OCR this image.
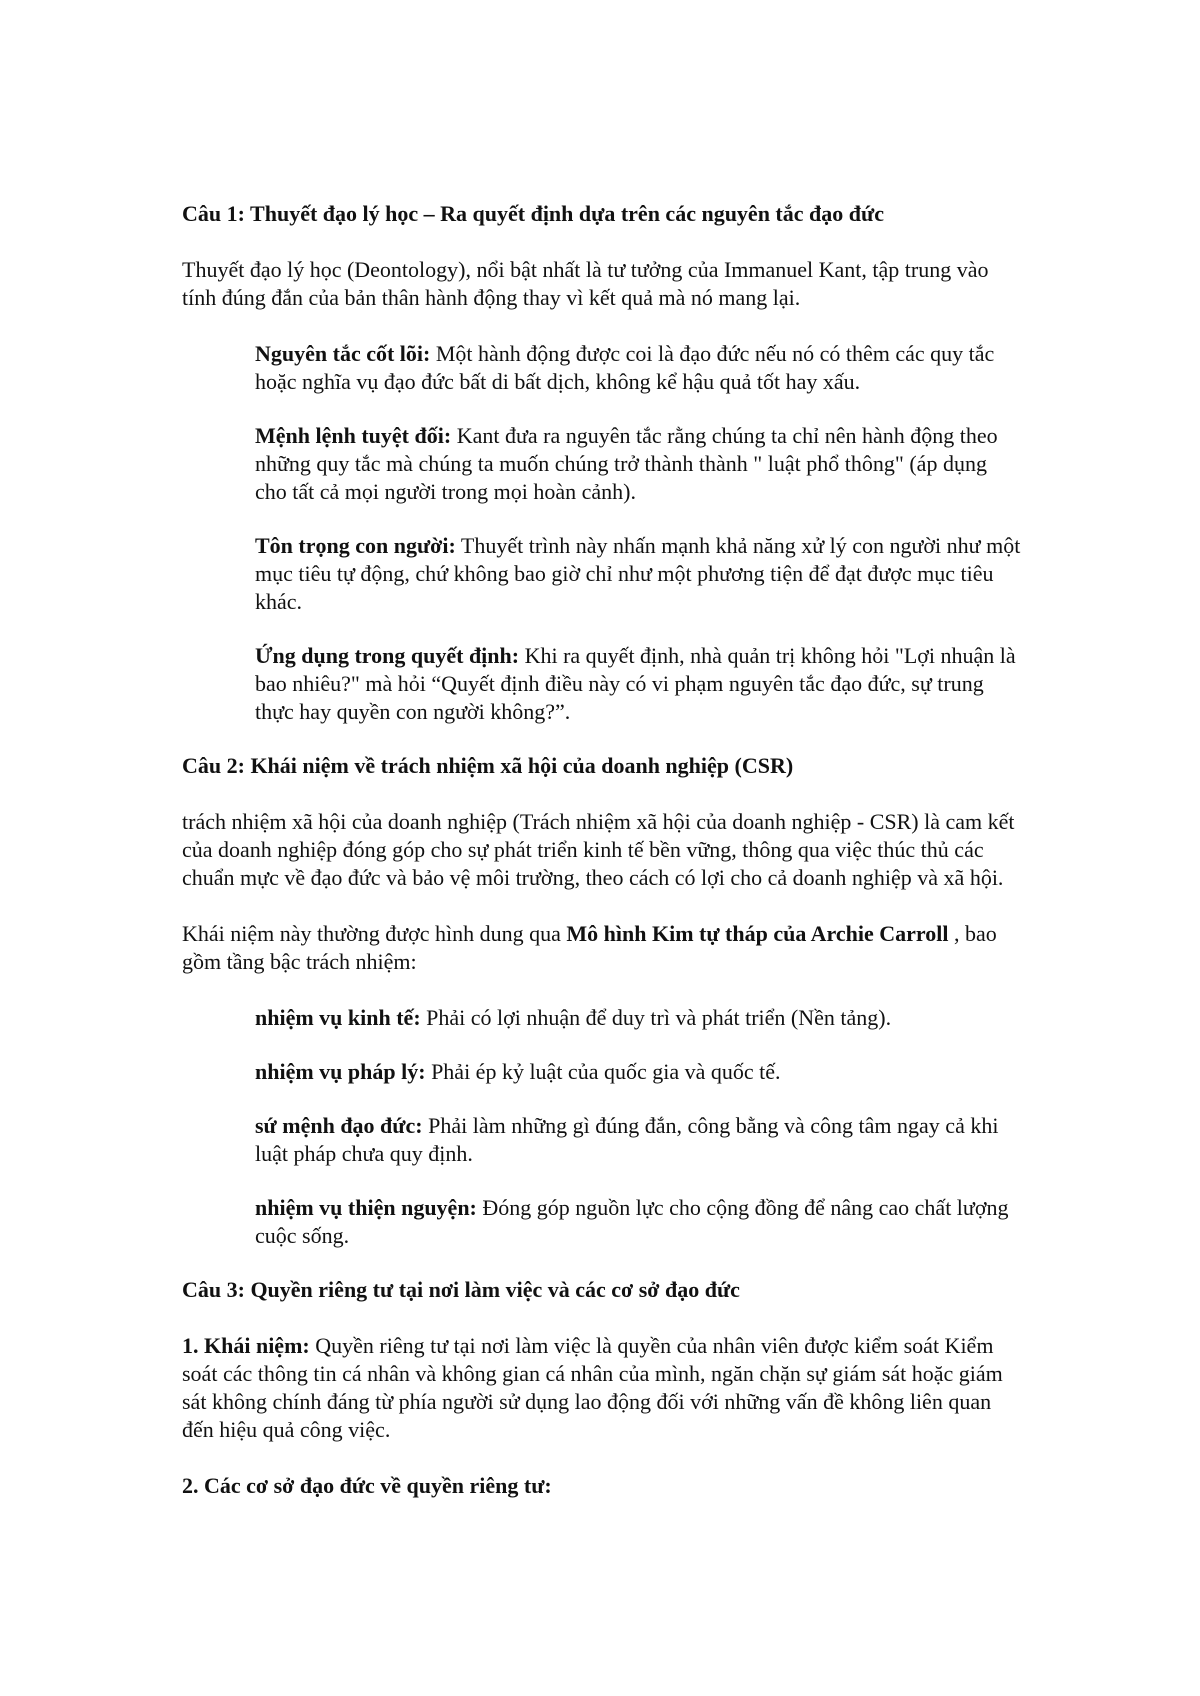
Câu 1: Thuyết đạo lý học – Ra quyết định dựa trên các nguyên tắc đạo đức

Thuyết đạo lý học (Deontology), nổi bật nhất là tư tưởng của Immanuel Kant, tập trung vào tính đúng đắn của bản thân hành động thay vì kết quả mà nó mang lại.

Nguyên tắc cốt lõi: Một hành động được coi là đạo đức nếu nó có thêm các quy tắc hoặc nghĩa vụ đạo đức bất di bất dịch, không kể hậu quả tốt hay xấu.

Mệnh lệnh tuyệt đối: Kant đưa ra nguyên tắc rằng chúng ta chỉ nên hành động theo những quy tắc mà chúng ta muốn chúng trở thành thành " luật phổ thông" (áp dụng cho tất cả mọi người trong mọi hoàn cảnh).

Tôn trọng con người: Thuyết trình này nhấn mạnh khả năng xử lý con người như một mục tiêu tự động, chứ không bao giờ chỉ như một phương tiện để đạt được mục tiêu khác.

Ứng dụng trong quyết định: Khi ra quyết định, nhà quản trị không hỏi "Lợi nhuận là bao nhiêu?" mà hỏi “Quyết định điều này có vi phạm nguyên tắc đạo đức, sự trung thực hay quyền con người không?”.

Câu 2: Khái niệm về trách nhiệm xã hội của doanh nghiệp (CSR)

trách nhiệm xã hội của doanh nghiệp (Trách nhiệm xã hội của doanh nghiệp - CSR) là cam kết của doanh nghiệp đóng góp cho sự phát triển kinh tế bền vững, thông qua việc thúc thủ các chuẩn mực về đạo đức và bảo vệ môi trường, theo cách có lợi cho cả doanh nghiệp và xã hội.

Khái niệm này thường được hình dung qua Mô hình Kim tự tháp của Archie Carroll , bao gồm tầng bậc trách nhiệm:

nhiệm vụ kinh tế: Phải có lợi nhuận để duy trì và phát triển (Nền tảng).

nhiệm vụ pháp lý: Phải ép kỷ luật của quốc gia và quốc tế.

sứ mệnh đạo đức: Phải làm những gì đúng đắn, công bằng và công tâm ngay cả khi luật pháp chưa quy định.

nhiệm vụ thiện nguyện: Đóng góp nguồn lực cho cộng đồng để nâng cao chất lượng cuộc sống.

Câu 3: Quyền riêng tư tại nơi làm việc và các cơ sở đạo đức

1. Khái niệm: Quyền riêng tư tại nơi làm việc là quyền của nhân viên được kiểm soát Kiểm soát các thông tin cá nhân và không gian cá nhân của mình, ngăn chặn sự giám sát hoặc giám sát không chính đáng từ phía người sử dụng lao động đối với những vấn đề không liên quan đến hiệu quả công việc.

2. Các cơ sở đạo đức về quyền riêng tư:
